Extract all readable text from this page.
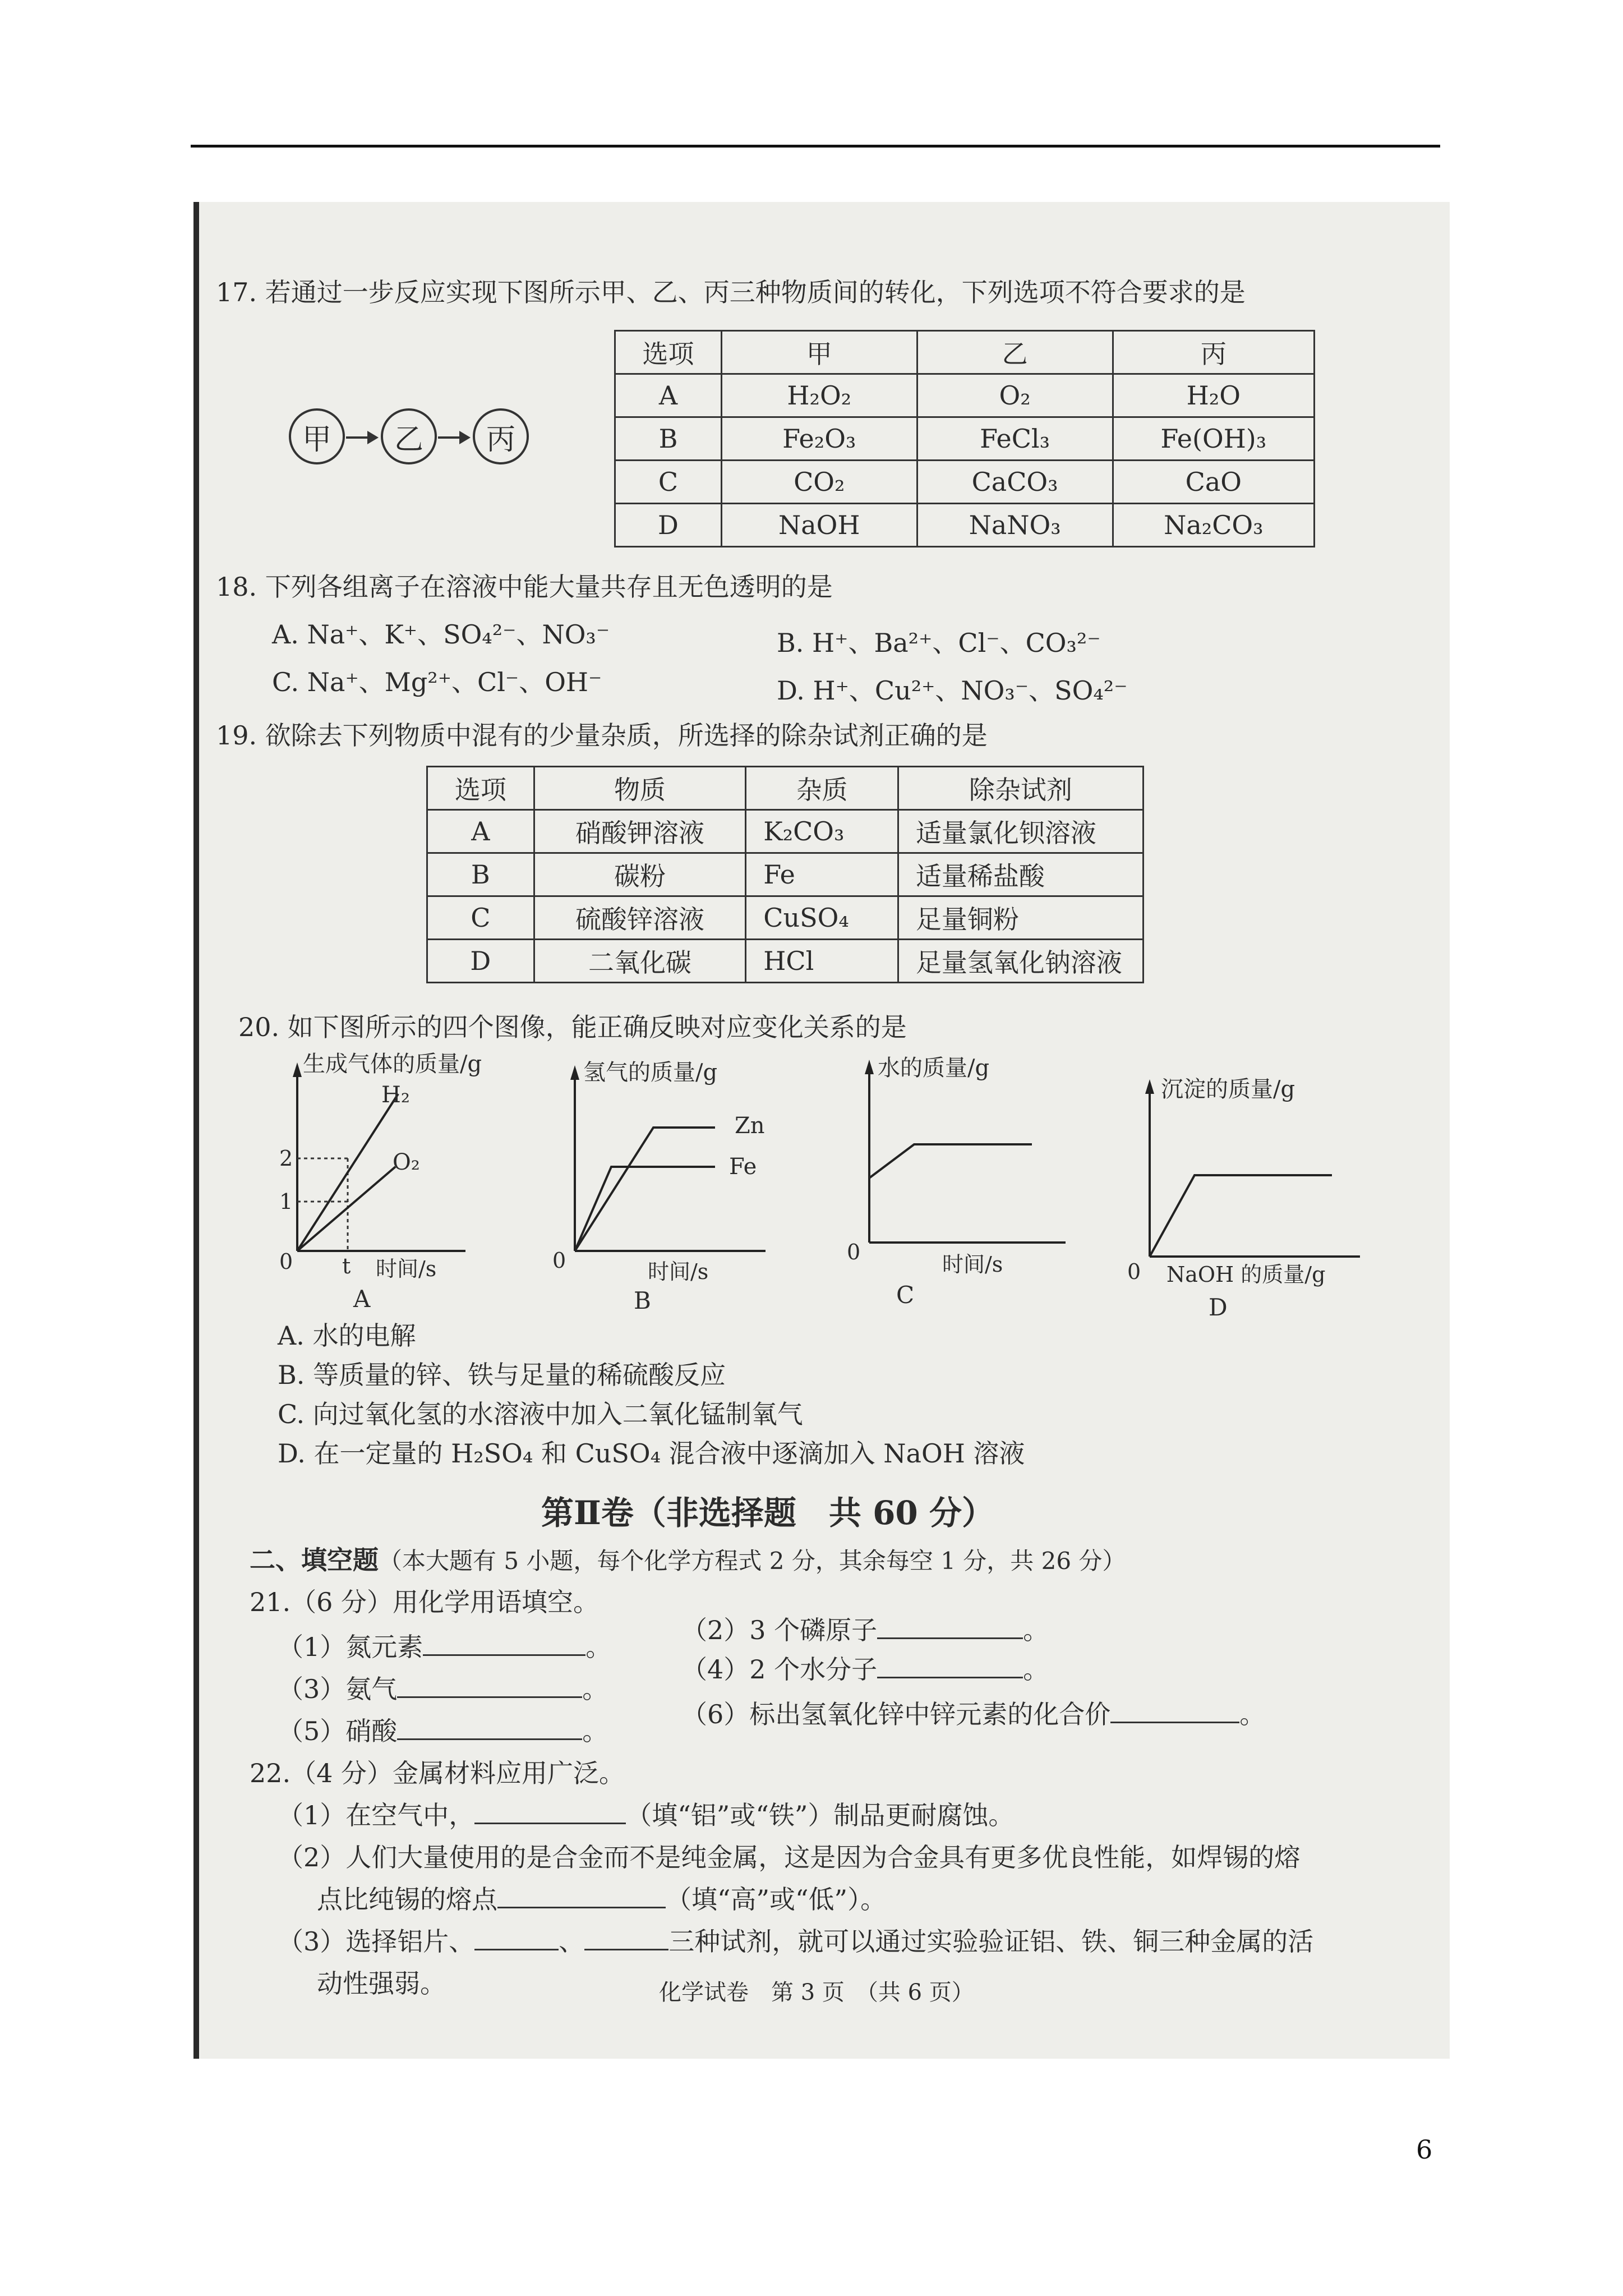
17. 若通过一步反应实现下图所示甲、乙、丙三种物质间的转化，下列选项不符合要求的是
甲	乙	丙
选项	甲	乙	丙
A	H₂O₂	O₂	H₂O
B	Fe₂O₃	FeCl₃	Fe(OH)₃
C	CO₂	CaCO₃	CaO
D	NaOH	NaNO₃	Na₂CO₃
18. 下列各组离子在溶液中能大量共存且无色透明的是
A. Na⁺、K⁺、SO₄²⁻、NO₃⁻	B. H⁺、Ba²⁺、Cl⁻、CO₃²⁻
C. Na⁺、Mg²⁺、Cl⁻、OH⁻	D. H⁺、Cu²⁺、NO₃⁻、SO₄²⁻
19. 欲除去下列物质中混有的少量杂质，所选择的除杂试剂正确的是
选项	物质	杂质	除杂试剂
A	硝酸钾溶液	K₂CO₃	适量氯化钡溶液
B	碳粉	Fe	适量稀盐酸
C	硫酸锌溶液	CuSO₄	足量铜粉
D	二氧化碳	HCl	足量氢氧化钠溶液
20. 如下图所示的四个图像，能正确反映对应变化关系的是
生成气体的质量/g
H₂
O₂
2
1
0 t 时间/s
A
氢气的质量/g
Zn
Fe
0	时间/s
B
水的质量/g
0	时间/s
C
沉淀的质量/g
0 NaOH 的质量/g
D
A. 水的电解
B. 等质量的锌、铁与足量的稀硫酸反应
C. 向过氧化氢的水溶液中加入二氧化锰制氧气
D. 在一定量的 H₂SO₄ 和 CuSO₄ 混合液中逐滴加入 NaOH 溶液
第Ⅱ卷（非选择题　共 60 分）
二、填空题（本大题有 5 小题，每个化学方程式 2 分，其余每空 1 分，共 26 分）
21.（6 分）用化学用语填空。
（1）氮元素	。
（2）3 个磷原子	。
（3）氨气	。
（4）2 个水分子	。
（5）硝酸	。
（6）标出氢氧化锌中锌元素的化合价	。
22.（4 分）金属材料应用广泛。
（1）在空气中，	（填“铝”或“铁”）制品更耐腐蚀。
（2）人们大量使用的是合金而不是纯金属，这是因为合金具有更多优良性能，如焊锡的熔
点比纯锡的熔点	（填“高”或“低”）。
（3）选择铝片、	、	三种试剂，就可以通过实验验证铝、铁、铜三种金属的活
动性强弱。	化学试卷　第 3 页　（共 6 页）
6
